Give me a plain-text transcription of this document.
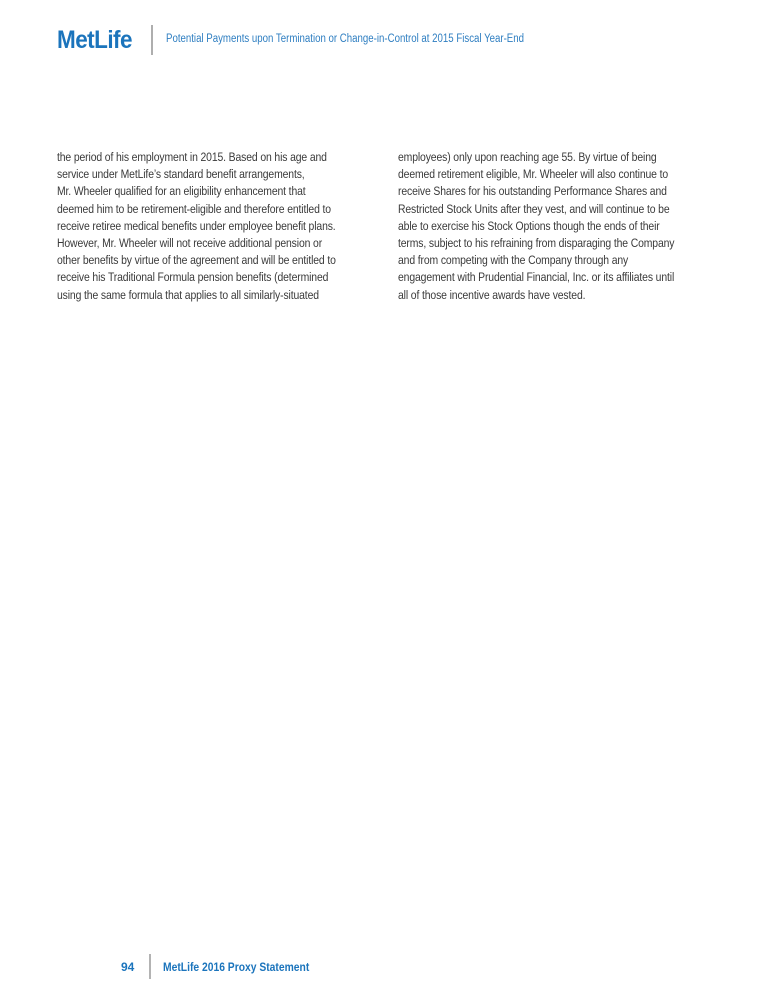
MetLife	Potential Payments upon Termination or Change-in-Control at 2015 Fiscal Year-End
the period of his employment in 2015. Based on his age and
service under MetLife’s standard benefit arrangements,
Mr. Wheeler qualified for an eligibility enhancement that
deemed him to be retirement-eligible and therefore entitled to
receive retiree medical benefits under employee benefit plans.
However, Mr. Wheeler will not receive additional pension or
other benefits by virtue of the agreement and will be entitled to
receive his Traditional Formula pension benefits (determined
using the same formula that applies to all similarly-situated
employees) only upon reaching age 55. By virtue of being
deemed retirement eligible, Mr. Wheeler will also continue to
receive Shares for his outstanding Performance Shares and
Restricted Stock Units after they vest, and will continue to be
able to exercise his Stock Options though the ends of their
terms, subject to his refraining from disparaging the Company
and from competing with the Company through any
engagement with Prudential Financial, Inc. or its affiliates until
all of those incentive awards have vested.
94 MetLife 2016 Proxy Statement
